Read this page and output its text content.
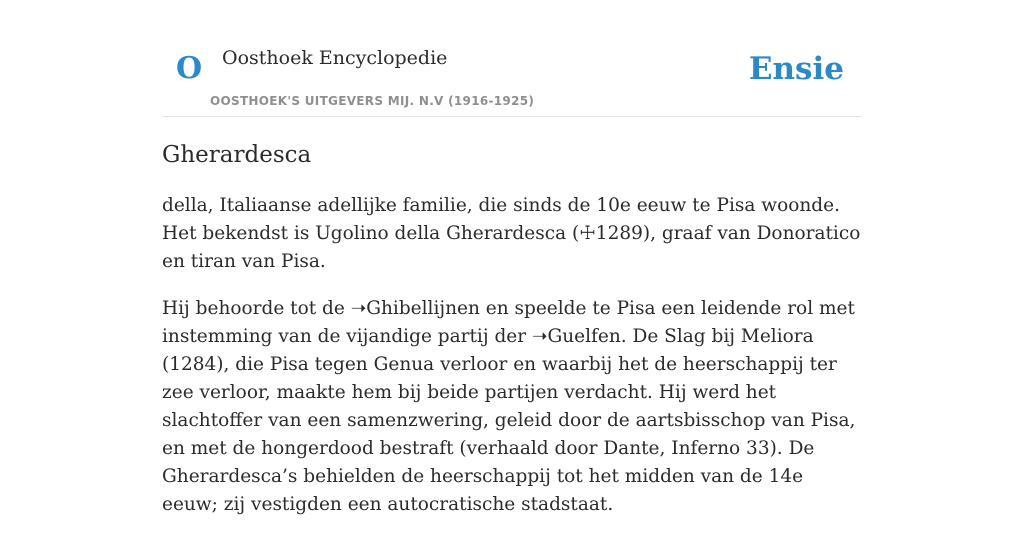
O Oosthoek Encyclopedie
OOSTHOEK'S UITGEVERS MIJ. N.V (1916-1925)
Ensie
Gherardesca

della, Italiaanse adellijke familie, die sinds de 10e eeuw te Pisa woonde. Het bekendst is Ugolino della Gherardesca (☩1289), graaf van Donoratico en tiran van Pisa.

Hij behoorde tot de ➝Ghibellijnen en speelde te Pisa een leidende rol met instemming van de vijandige partij der ➝Guelfen. De Slag bij Meliora (1284), die Pisa tegen Genua verloor en waarbij het de heerschappij ter zee verloor, maakte hem bij beide partijen verdacht. Hij werd het slachtoffer van een samenzwering, geleid door de aartsbisschop van Pisa, en met de hongerdood bestraft (verhaald door Dante, Inferno 33). De Gherardesca’s behielden de heerschappij tot het midden van de 14e eeuw; zij vestigden een autocratische stadstaat.
